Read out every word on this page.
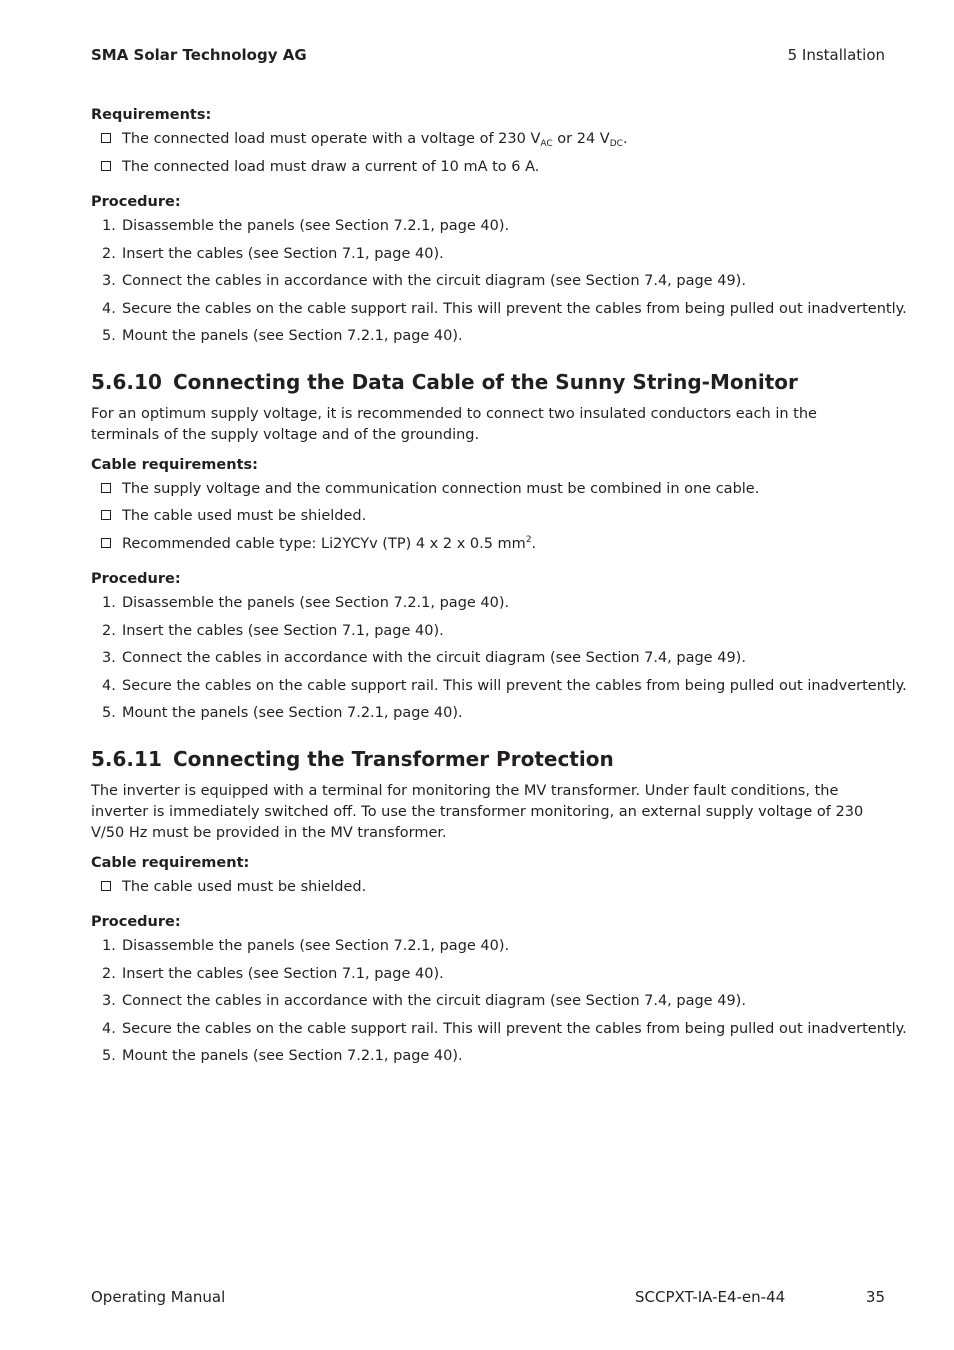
SMA Solar Technology AG	5 Installation

Requirements:

The connected load must operate with a voltage of 230 $V_{AC}$ or 24 $V_{DC}$.
The connected load must draw a current of 10 mA to 6 A.

Procedure:

1. Disassemble the panels (see Section 7.2.1, page 40).
2. Insert the cables (see Section 7.1, page 40).
3. Connect the cables in accordance with the circuit diagram (see Section 7.4, page 49).
4. Secure the cables on the cable support rail. This will prevent the cables from being pulled out inadvertently.
5. Mount the panels (see Section 7.2.1, page 40).
5.6.10 Connecting the Data Cable of the Sunny String-Monitor

For an optimum supply voltage, it is recommended to connect two insulated conductors each in the terminals of the supply voltage and of the grounding.

Cable requirements:

The supply voltage and the communication connection must be combined in one cable.
The cable used must be shielded.
Recommended cable type: Li2YCYv (TP) 4 x 2 x 0.5 $mm^2$.

Procedure:

1. Disassemble the panels (see Section 7.2.1, page 40).
2. Insert the cables (see Section 7.1, page 40).
3. Connect the cables in accordance with the circuit diagram (see Section 7.4, page 49).
4. Secure the cables on the cable support rail. This will prevent the cables from being pulled out inadvertently.
5. Mount the panels (see Section 7.2.1, page 40).
5.6.11 Connecting the Transformer Protection

The inverter is equipped with a terminal for monitoring the MV transformer. Under fault conditions, the inverter is immediately switched off. To use the transformer monitoring, an external supply voltage of 230 V/50 Hz must be provided in the MV transformer.

Cable requirement:

The cable used must be shielded.

Procedure:

1. Disassemble the panels (see Section 7.2.1, page 40).
2. Insert the cables (see Section 7.1, page 40).
3. Connect the cables in accordance with the circuit diagram (see Section 7.4, page 49).
4. Secure the cables on the cable support rail. This will prevent the cables from being pulled out inadvertently.
5. Mount the panels (see Section 7.2.1, page 40).
Operating Manual	SCCPXT-IA-E4-en-44	35
